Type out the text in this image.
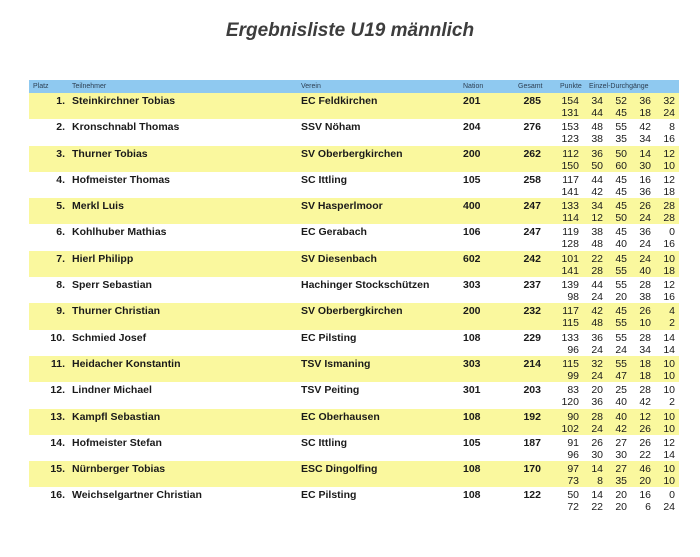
Ergebnisliste U19 männlich
Platz	Teilnehmer	Verein	Nation	Gesamt Punkte Einzel-Durchgänge
1. Steinkirchner Tobias	EC Feldkirchen	201	285	154	34	52	36	32
131	44	45	18	24
2. Kronschnabl Thomas	SSV Nöham	204	276	153	48	55	42	8
123	38	35	34	16
3. Thurner Tobias	SV Oberbergkirchen	200	262	112	36	50	14	12
150	50	60	30	10
4. Hofmeister Thomas	SC Ittling	105	258	117	44	45	16	12
141	42	45	36	18
5. Merkl Luis	SV Hasperlmoor	400	247	133	34	45	26	28
114	12	50	24	28
6. Kohlhuber Mathias	EC Gerabach	106	247	119	38	45	36	0
128	48	40	24	16
7. Hierl Philipp	SV Diesenbach	602	242	101	22	45	24	10
141	28	55	40	18
8. Sperr Sebastian	Hachinger Stockschützen	303	237	139	44	55	28	12
98	24	20	38	16
9. Thurner Christian	SV Oberbergkirchen	200	232	117	42	45	26	4
115	48	55	10	2
10. Schmied Josef	EC Pilsting	108	229	133	36	55	28	14
96	24	24	34	14
11. Heidacher Konstantin	TSV Ismaning	303	214	115	32	55	18	10
99	24	47	18	10
12. Lindner Michael	TSV Peiting	301	203	83	20	25	28	10
120	36	40	42	2
13. Kampfl Sebastian	EC Oberhausen	108	192	90	28	40	12	10
102	24	42	26	10
14. Hofmeister Stefan	SC Ittling	105	187	91	26	27	26	12
96	30	30	22	14
15. Nürnberger Tobias	ESC Dingolfing	108	170	97	14	27	46	10
73	8	35	20	10
16. Weichselgartner Christian	EC Pilsting	108	122	50	14	20	16	0
72	22	20	6	24
